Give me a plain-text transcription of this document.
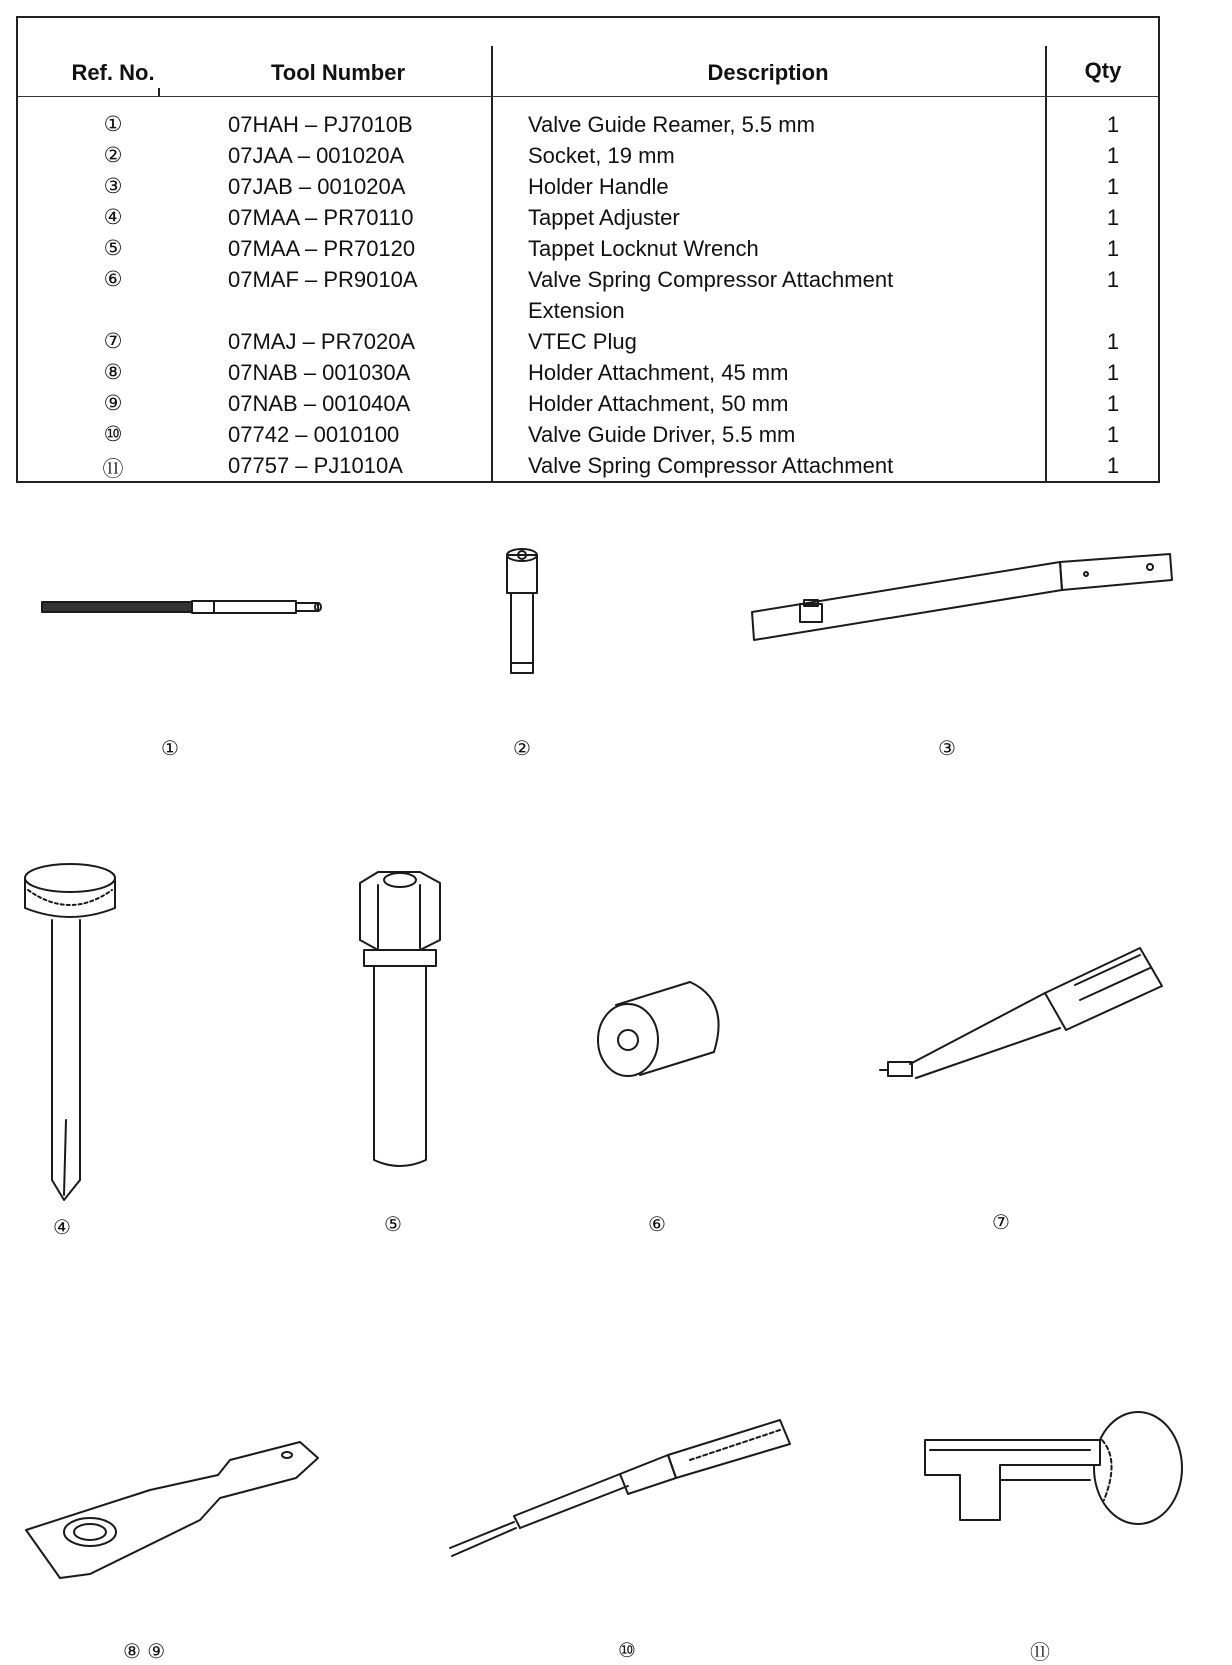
Ref. No.	Tool Number	Description	Qty
①	07HAH – PJ7010B	Valve Guide Reamer, 5.5 mm	1
②	07JAA – 001020A	Socket, 19 mm	1
③	07JAB – 001020A	Holder Handle	1
④	07MAA – PR70110	Tappet Adjuster	1
⑤	07MAA – PR70120	Tappet Locknut Wrench	1
⑥	07MAF – PR9010A	Valve Spring Compressor Attachment	1
Extension
⑦	07MAJ – PR7020A	VTEC Plug	1
⑧	07NAB – 001030A	Holder Attachment, 45 mm	1
⑨	07NAB – 001040A	Holder Attachment, 50 mm	1
⑩	07742 – 0010100	Valve Guide Driver, 5.5 mm	1
⑪	07757 – PJ1010A	Valve Spring Compressor Attachment	1
①	②	③
④	⑤	⑥	⑦
⑧ ⑨	⑩	⑪
